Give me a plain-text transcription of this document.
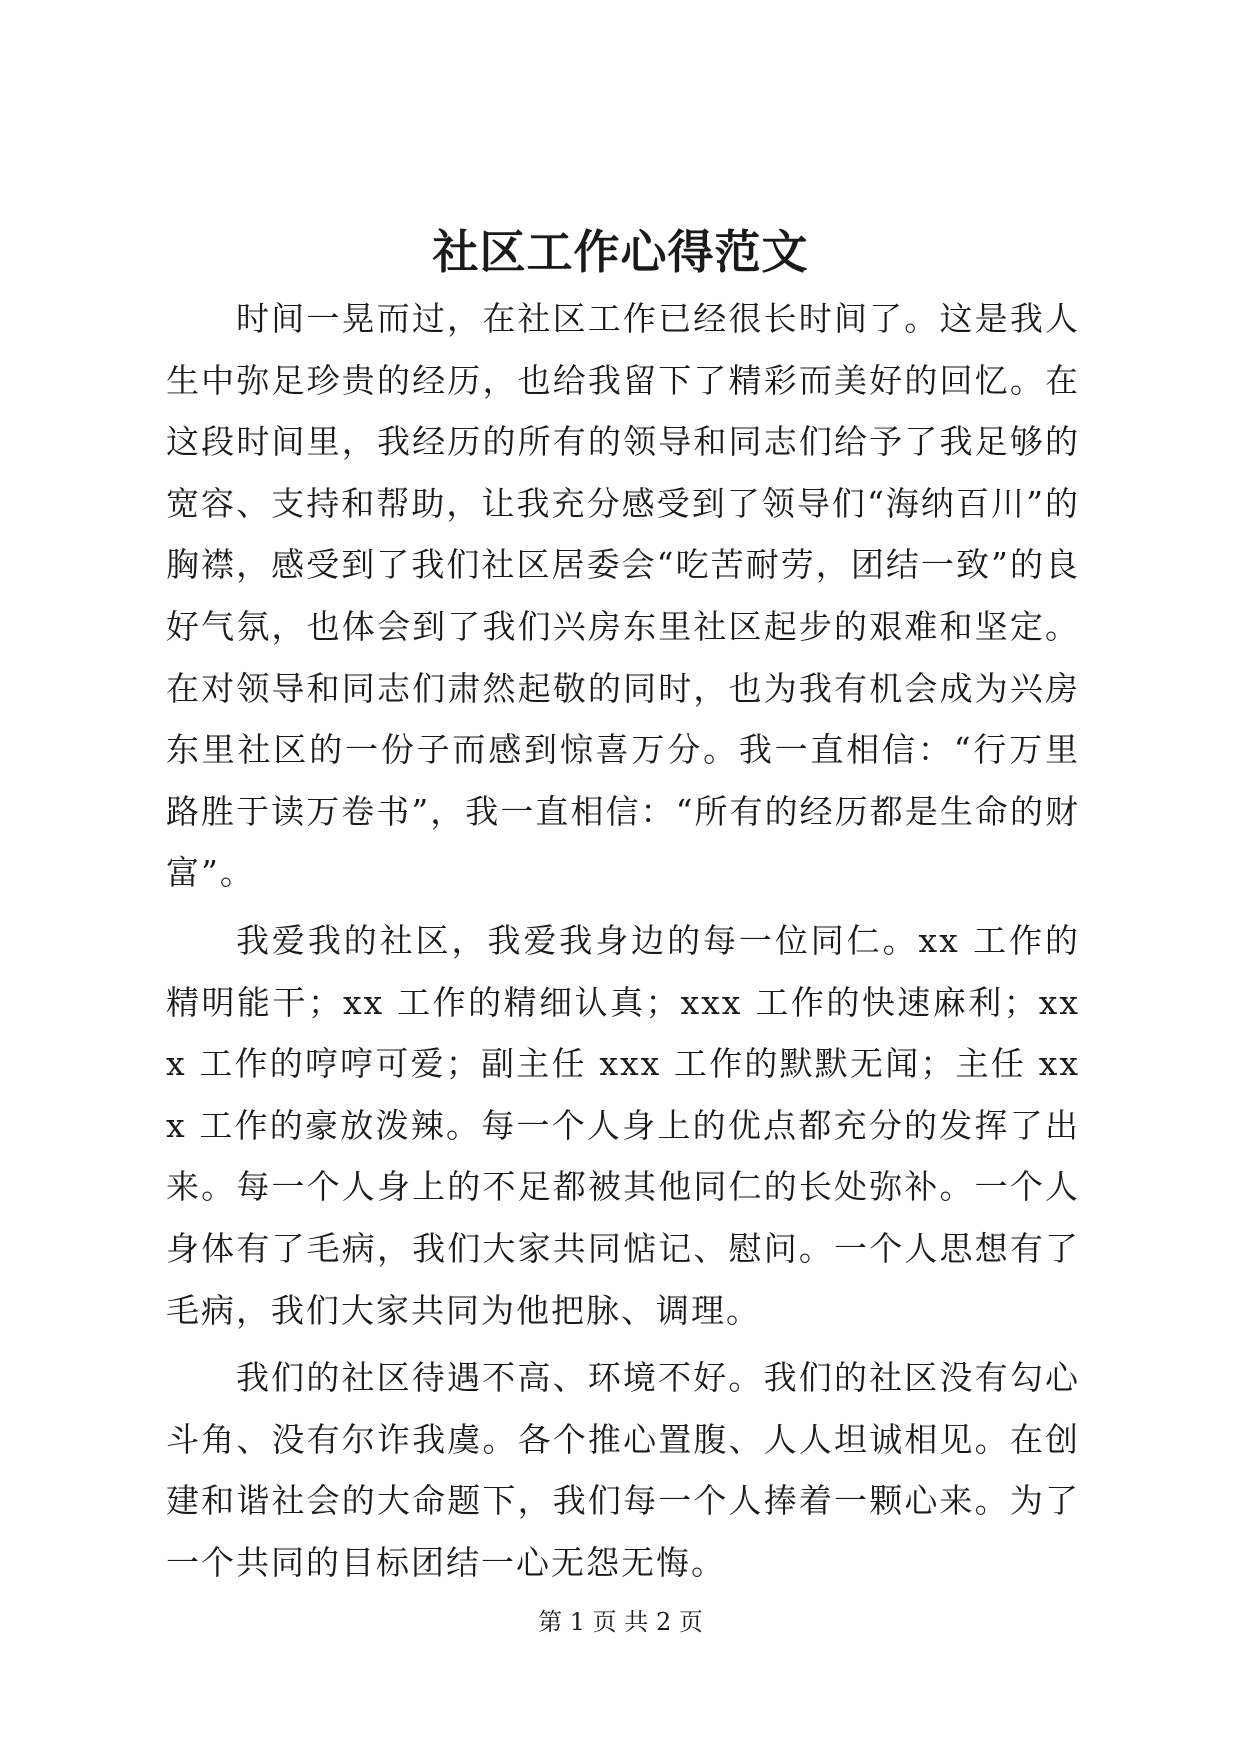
社区工作心得范文

时间一晃而过，在社区工作已经很长时间了。这是我人生中弥足珍贵的经历，也给我留下了精彩而美好的回忆。在这段时间里，我经历的所有的领导和同志们给予了我足够的宽容、支持和帮助，让我充分感受到了领导们“海纳百川”的胸襟，感受到了我们社区居委会“吃苦耐劳，团结一致”的良好气氛，也体会到了我们兴房东里社区起步的艰难和坚定。在对领导和同志们肃然起敬的同时，也为我有机会成为兴房东里社区的一份子而感到惊喜万分。我一直相信：“行万里路胜于读万卷书”，我一直相信：“所有的经历都是生命的财富”。

我爱我的社区，我爱我身边的每一位同仁。xx 工作的精明能干；xx 工作的精细认真；xxx 工作的快速麻利；xxx 工作的哼哼可爱；副主任 xxx 工作的默默无闻；主任 xxx 工作的豪放泼辣。每一个人身上的优点都充分的发挥了出来。每一个人身上的不足都被其他同仁的长处弥补。一个人身体有了毛病，我们大家共同惦记、慰问。一个人思想有了毛病，我们大家共同为他把脉、调理。

我们的社区待遇不高、环境不好。我们的社区没有勾心斗角、没有尔诈我虞。各个推心置腹、人人坦诚相见。在创建和谐社会的大命题下，我们每一个人捧着一颗心来。为了一个共同的目标团结一心无怨无悔。

第 1 页 共 2 页
